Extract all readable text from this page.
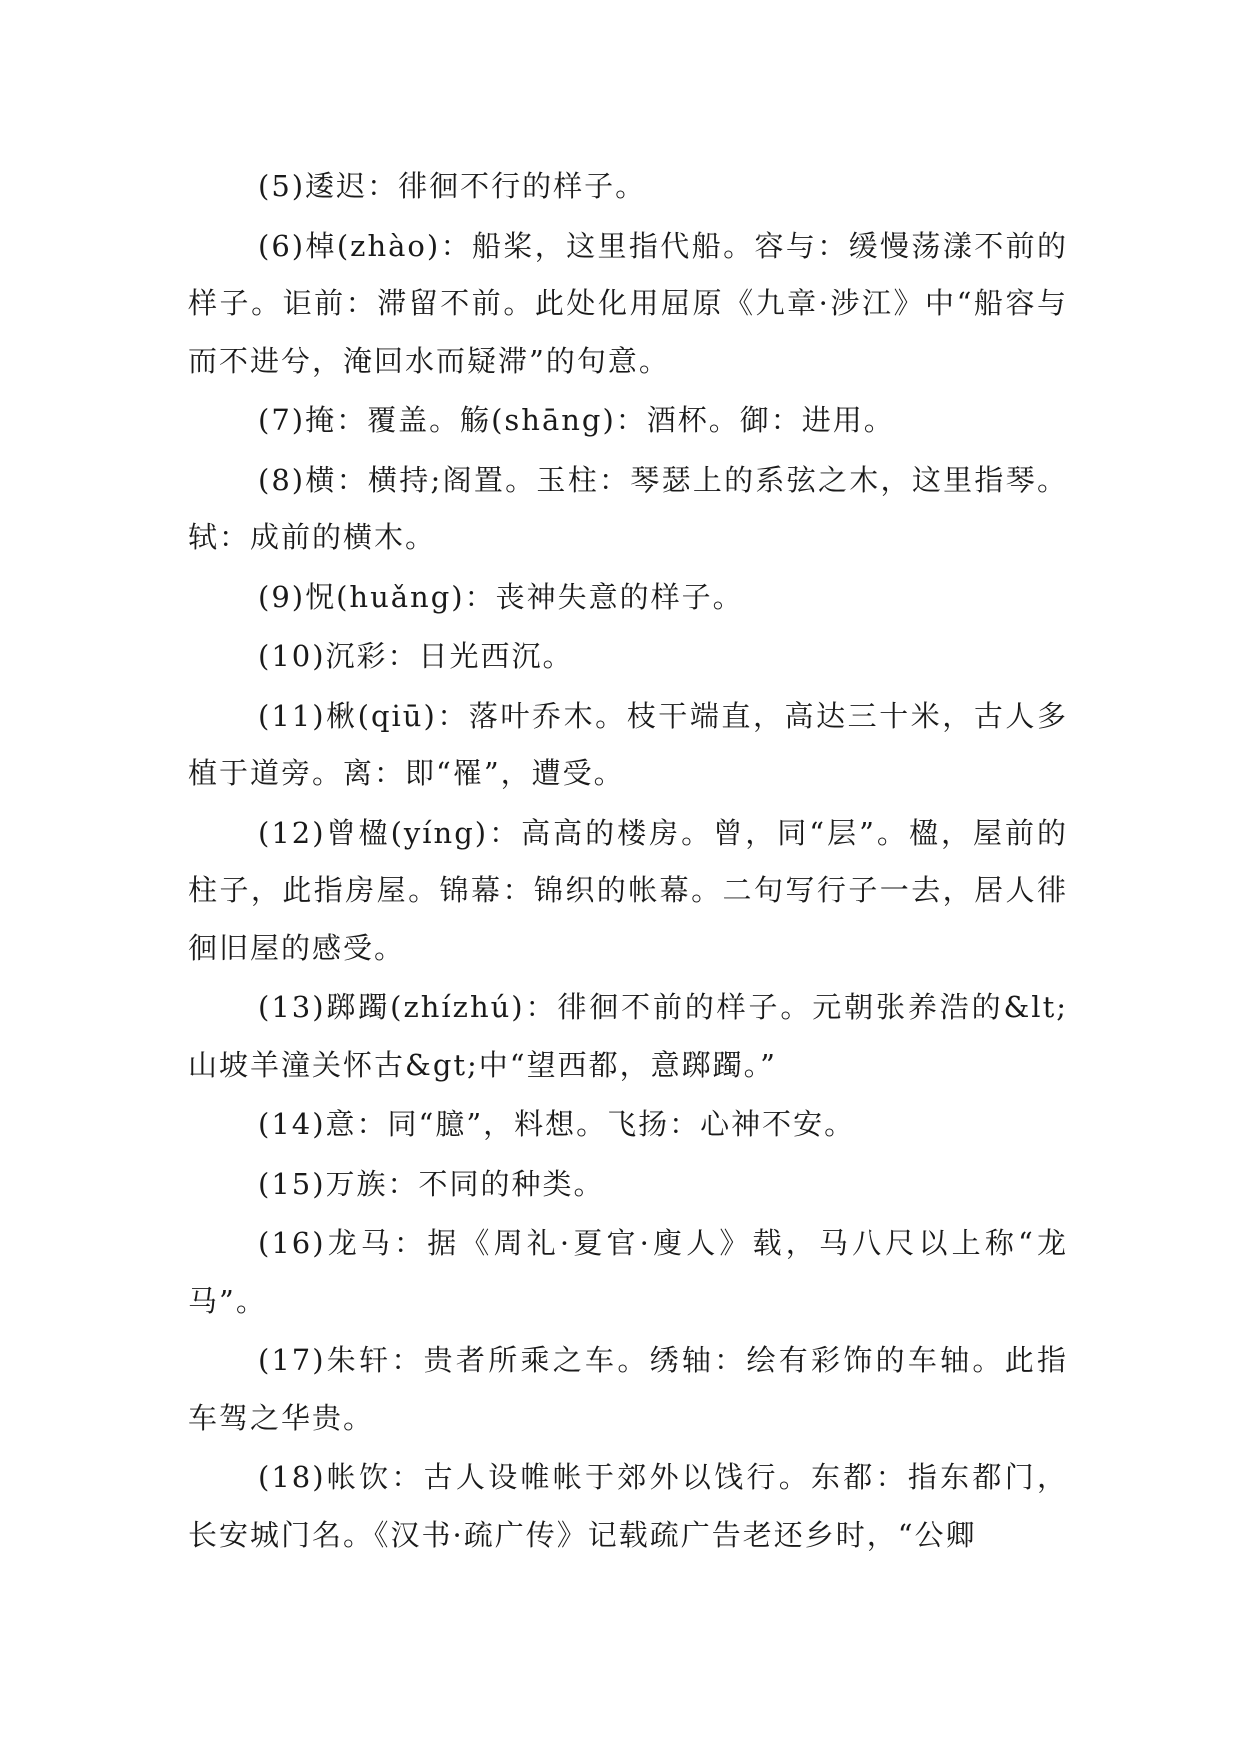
(5)逶迟：徘徊不行的样子。

(6)棹(zhào)：船桨，这里指代船。容与：缓慢荡漾不前的样子。讵前：滞留不前。此处化用屈原《九章·涉江》中“船容与而不进兮，淹回水而疑滞”的句意。

(7)掩：覆盖。觞(shāng)：酒杯。御：进用。

(8)横：横持;阁置。玉柱：琴瑟上的系弦之木，这里指琴。轼：成前的横木。

(9)怳(huǎng)：丧神失意的样子。

(10)沉彩：日光西沉。

(11)楸(qiū)：落叶乔木。枝干端直，高达三十米，古人多植于道旁。离：即“罹”，遭受。

(12)曾楹(yíng)：高高的楼房。曾，同“层”。楹，屋前的柱子，此指房屋。锦幕：锦织的帐幕。二句写行子一去，居人徘徊旧屋的感受。

(13)踯躅(zhízhú)：徘徊不前的样子。元朝张养浩的&lt;山坡羊潼关怀古&gt;中“望西都，意踯躅。”

(14)意：同“臆”，料想。飞扬：心神不安。

(15)万族：不同的种类。

(16)龙马：据《周礼·夏官·廋人》载，马八尺以上称“龙马”。

(17)朱轩：贵者所乘之车。绣轴：绘有彩饰的车轴。此指车驾之华贵。

(18)帐饮：古人设帷帐于郊外以饯行。东都：指东都门，长安城门名。《汉书·疏广传》记载疏广告老还乡时，“公卿
